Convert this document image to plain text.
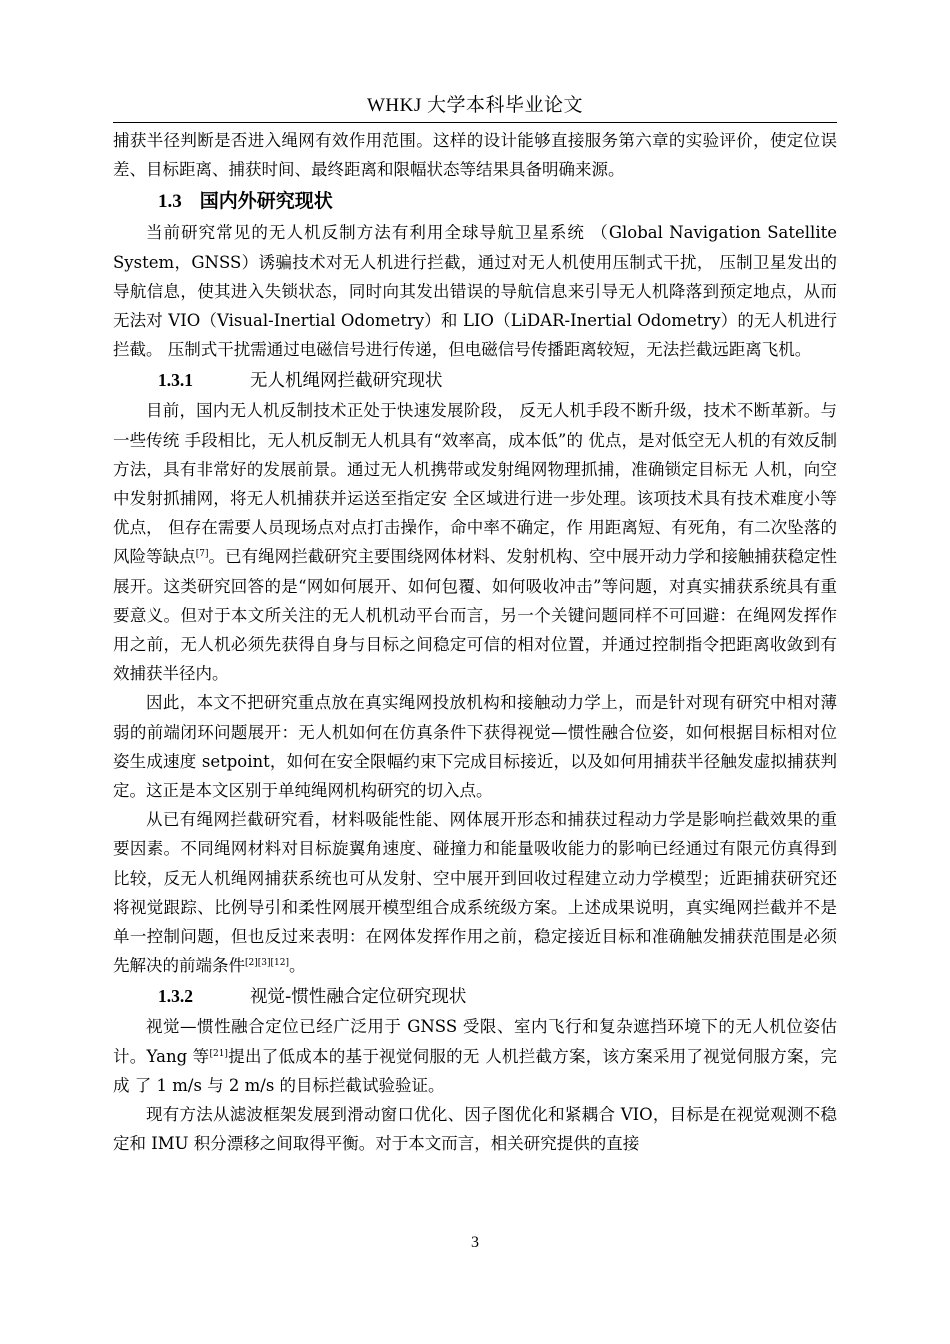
WHKJ 大学本科毕业论文

捕获半径判断是否进入绳网有效作用范围。这样的设计能够直接服务第六章的实验评价，使定位误差、目标距离、捕获时间、最终距离和限幅状态等结果具备明确来源。

1.3 国内外研究现状

当前研究常见的无人机反制方法有利用全球导航卫星系统 （Global Navigation Satellite System，GNSS）诱骗技术对无人机进行拦截，通过对无人机使用压制式干扰， 压制卫星发出的导航信息，使其进入失锁状态，同时向其发出错误的导航信息来引导无人机降落到预定地点，从而无法对 VIO（Visual-Inertial Odometry）和 LIO（LiDAR-Inertial Odometry）的无人机进行拦截。 压制式干扰需通过电磁信号进行传递，但电磁信号传播距离较短，无法拦截远距离飞机。

1.3.1	无人机绳网拦截研究现状

目前，国内无人机反制技术正处于快速发展阶段， 反无人机手段不断升级，技术不断革新。与一些传统 手段相比，无人机反制无人机具有“效率高，成本低”的 优点，是对低空无人机的有效反制方法，具有非常好的发展前景。通过无人机携带或发射绳网物理抓捕，准确锁定目标无 人机，向空中发射抓捕网，将无人机捕获并运送至指定安 全区域进行进一步处理。该项技术具有技术难度小等优点， 但存在需要人员现场点对点打击操作，命中率不确定，作 用距离短、有死角，有二次坠落的风险等缺点[7]。已有绳网拦截研究主要围绕网体材料、发射机构、空中展开动力学和接触捕获稳定性展开。这类研究回答的是“网如何展开、如何包覆、如何吸收冲击”等问题，对真实捕获系统具有重要意义。但对于本文所关注的无人机机动平台而言，另一个关键问题同样不可回避：在绳网发挥作用之前，无人机必须先获得自身与目标之间稳定可信的相对位置，并通过控制指令把距离收敛到有效捕获半径内。

因此，本文不把研究重点放在真实绳网投放机构和接触动力学上，而是针对现有研究中相对薄弱的前端闭环问题展开：无人机如何在仿真条件下获得视觉—惯性融合位姿，如何根据目标相对位姿生成速度 setpoint，如何在安全限幅约束下完成目标接近，以及如何用捕获半径触发虚拟捕获判定。这正是本文区别于单纯绳网机构研究的切入点。

从已有绳网拦截研究看，材料吸能性能、网体展开形态和捕获过程动力学是影响拦截效果的重要因素。不同绳网材料对目标旋翼角速度、碰撞力和能量吸收能力的影响已经通过有限元仿真得到比较，反无人机绳网捕获系统也可从发射、空中展开到回收过程建立动力学模型；近距捕获研究还将视觉跟踪、比例导引和柔性网展开模型组合成系统级方案。上述成果说明，真实绳网拦截并不是单一控制问题，但也反过来表明：在网体发挥作用之前，稳定接近目标和准确触发捕获范围是必须先解决的前端条件[2][3][12]。

1.3.2	视觉-惯性融合定位研究现状

视觉—惯性融合定位已经广泛用于 GNSS 受限、室内飞行和复杂遮挡环境下的无人机位姿估计。Yang 等[21]提出了低成本的基于视觉伺服的无 人机拦截方案，该方案采用了视觉伺服方案，完成 了 1 m/s 与 2 m/s 的目标拦截试验验证。

现有方法从滤波框架发展到滑动窗口优化、因子图优化和紧耦合 VIO，目标是在视觉观测不稳定和 IMU 积分漂移之间取得平衡。对于本文而言，相关研究提供的直接

3
